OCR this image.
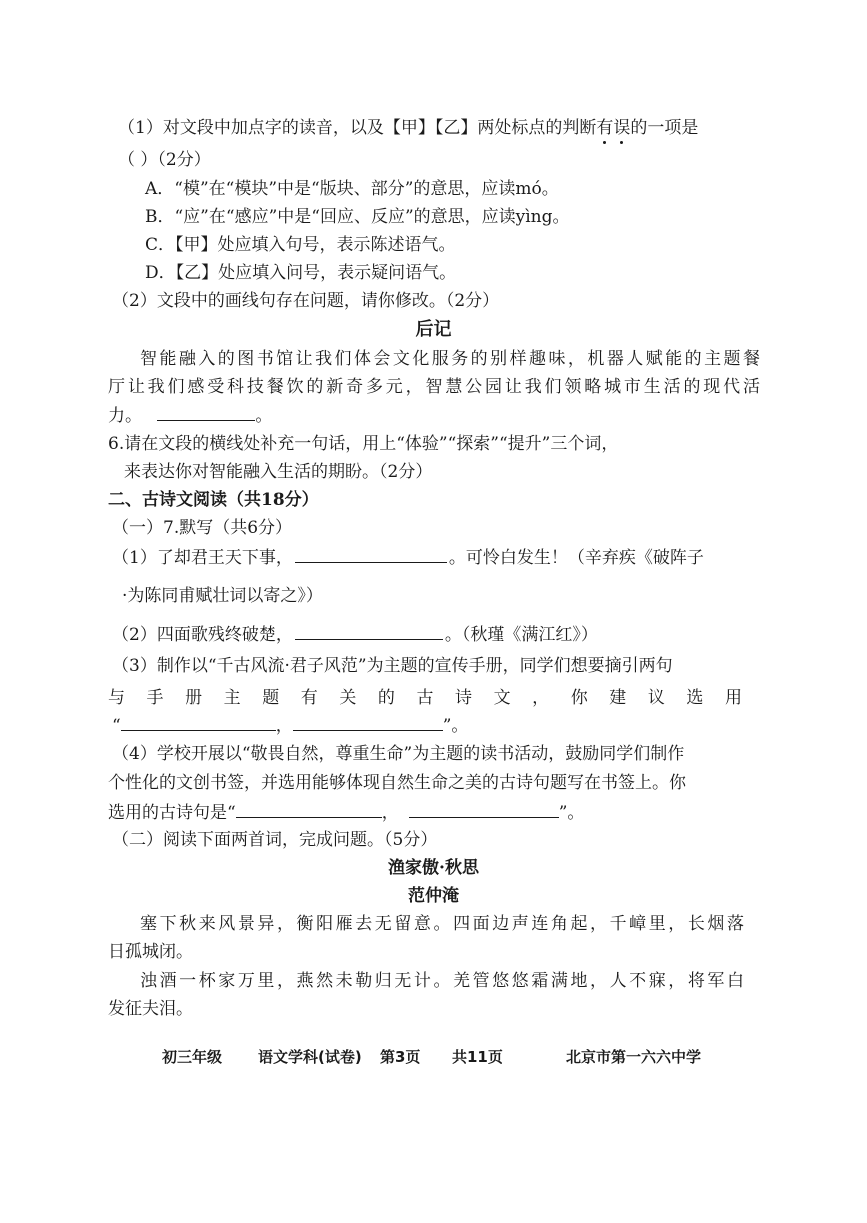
（1）对文段中加点字的读音，以及【甲】【乙】两处标点的判断有误的一项是
（ ）（2分）
A．“模”在“模块”中是“版块、部分”的意思，应读mó。
B．“应”在“感应”中是“回应、反应”的意思，应读yìng。
C．【甲】处应填入句号，表示陈述语气。
D．【乙】处应填入问号，表示疑问语气。
（2）文段中的画线句存在问题，请你修改。（2分）
后记
智能融入的图书馆让我们体会文化服务的别样趣味，机器人赋能的主题餐
厅让我们感受科技餐饮的新奇多元，智慧公园让我们领略城市生活的现代活
力。	。
6.请在文段的横线处补充一句话，用上“体验”“探索”“提升”三个词，
来表达你对智能融入生活的期盼。（2分）
二、古诗文阅读（共18分）
（一）7.默写（共6分）
（1）了却君王天下事，	。可怜白发生！（辛弃疾《破阵子
·为陈同甫赋壮词以寄之》）
（2）四面歌残终破楚，	。（秋瑾《满江红》）
（3）制作以“千古风流·君子风范”为主题的宣传手册，同学们想要摘引两句
与手册主题有关的古诗文，你建议选用
“	，	”。
（4）学校开展以“敬畏自然，尊重生命”为主题的读书活动，鼓励同学们制作
个性化的文创书签，并选用能够体现自然生命之美的古诗句题写在书签上。你
选用的古诗句是“	，	”。
（二）阅读下面两首词，完成问题。（5分）
渔家傲·秋思
范仲淹
塞下秋来风景异，衡阳雁去无留意。四面边声连角起，千嶂里，长烟落
日孤城闭。
浊酒一杯家万里，燕然未勒归无计。羌管悠悠霜满地，人不寐，将军白
发征夫泪。
初三年级 语文学科(试卷) 第3页 共11页	北京市第一六六中学
